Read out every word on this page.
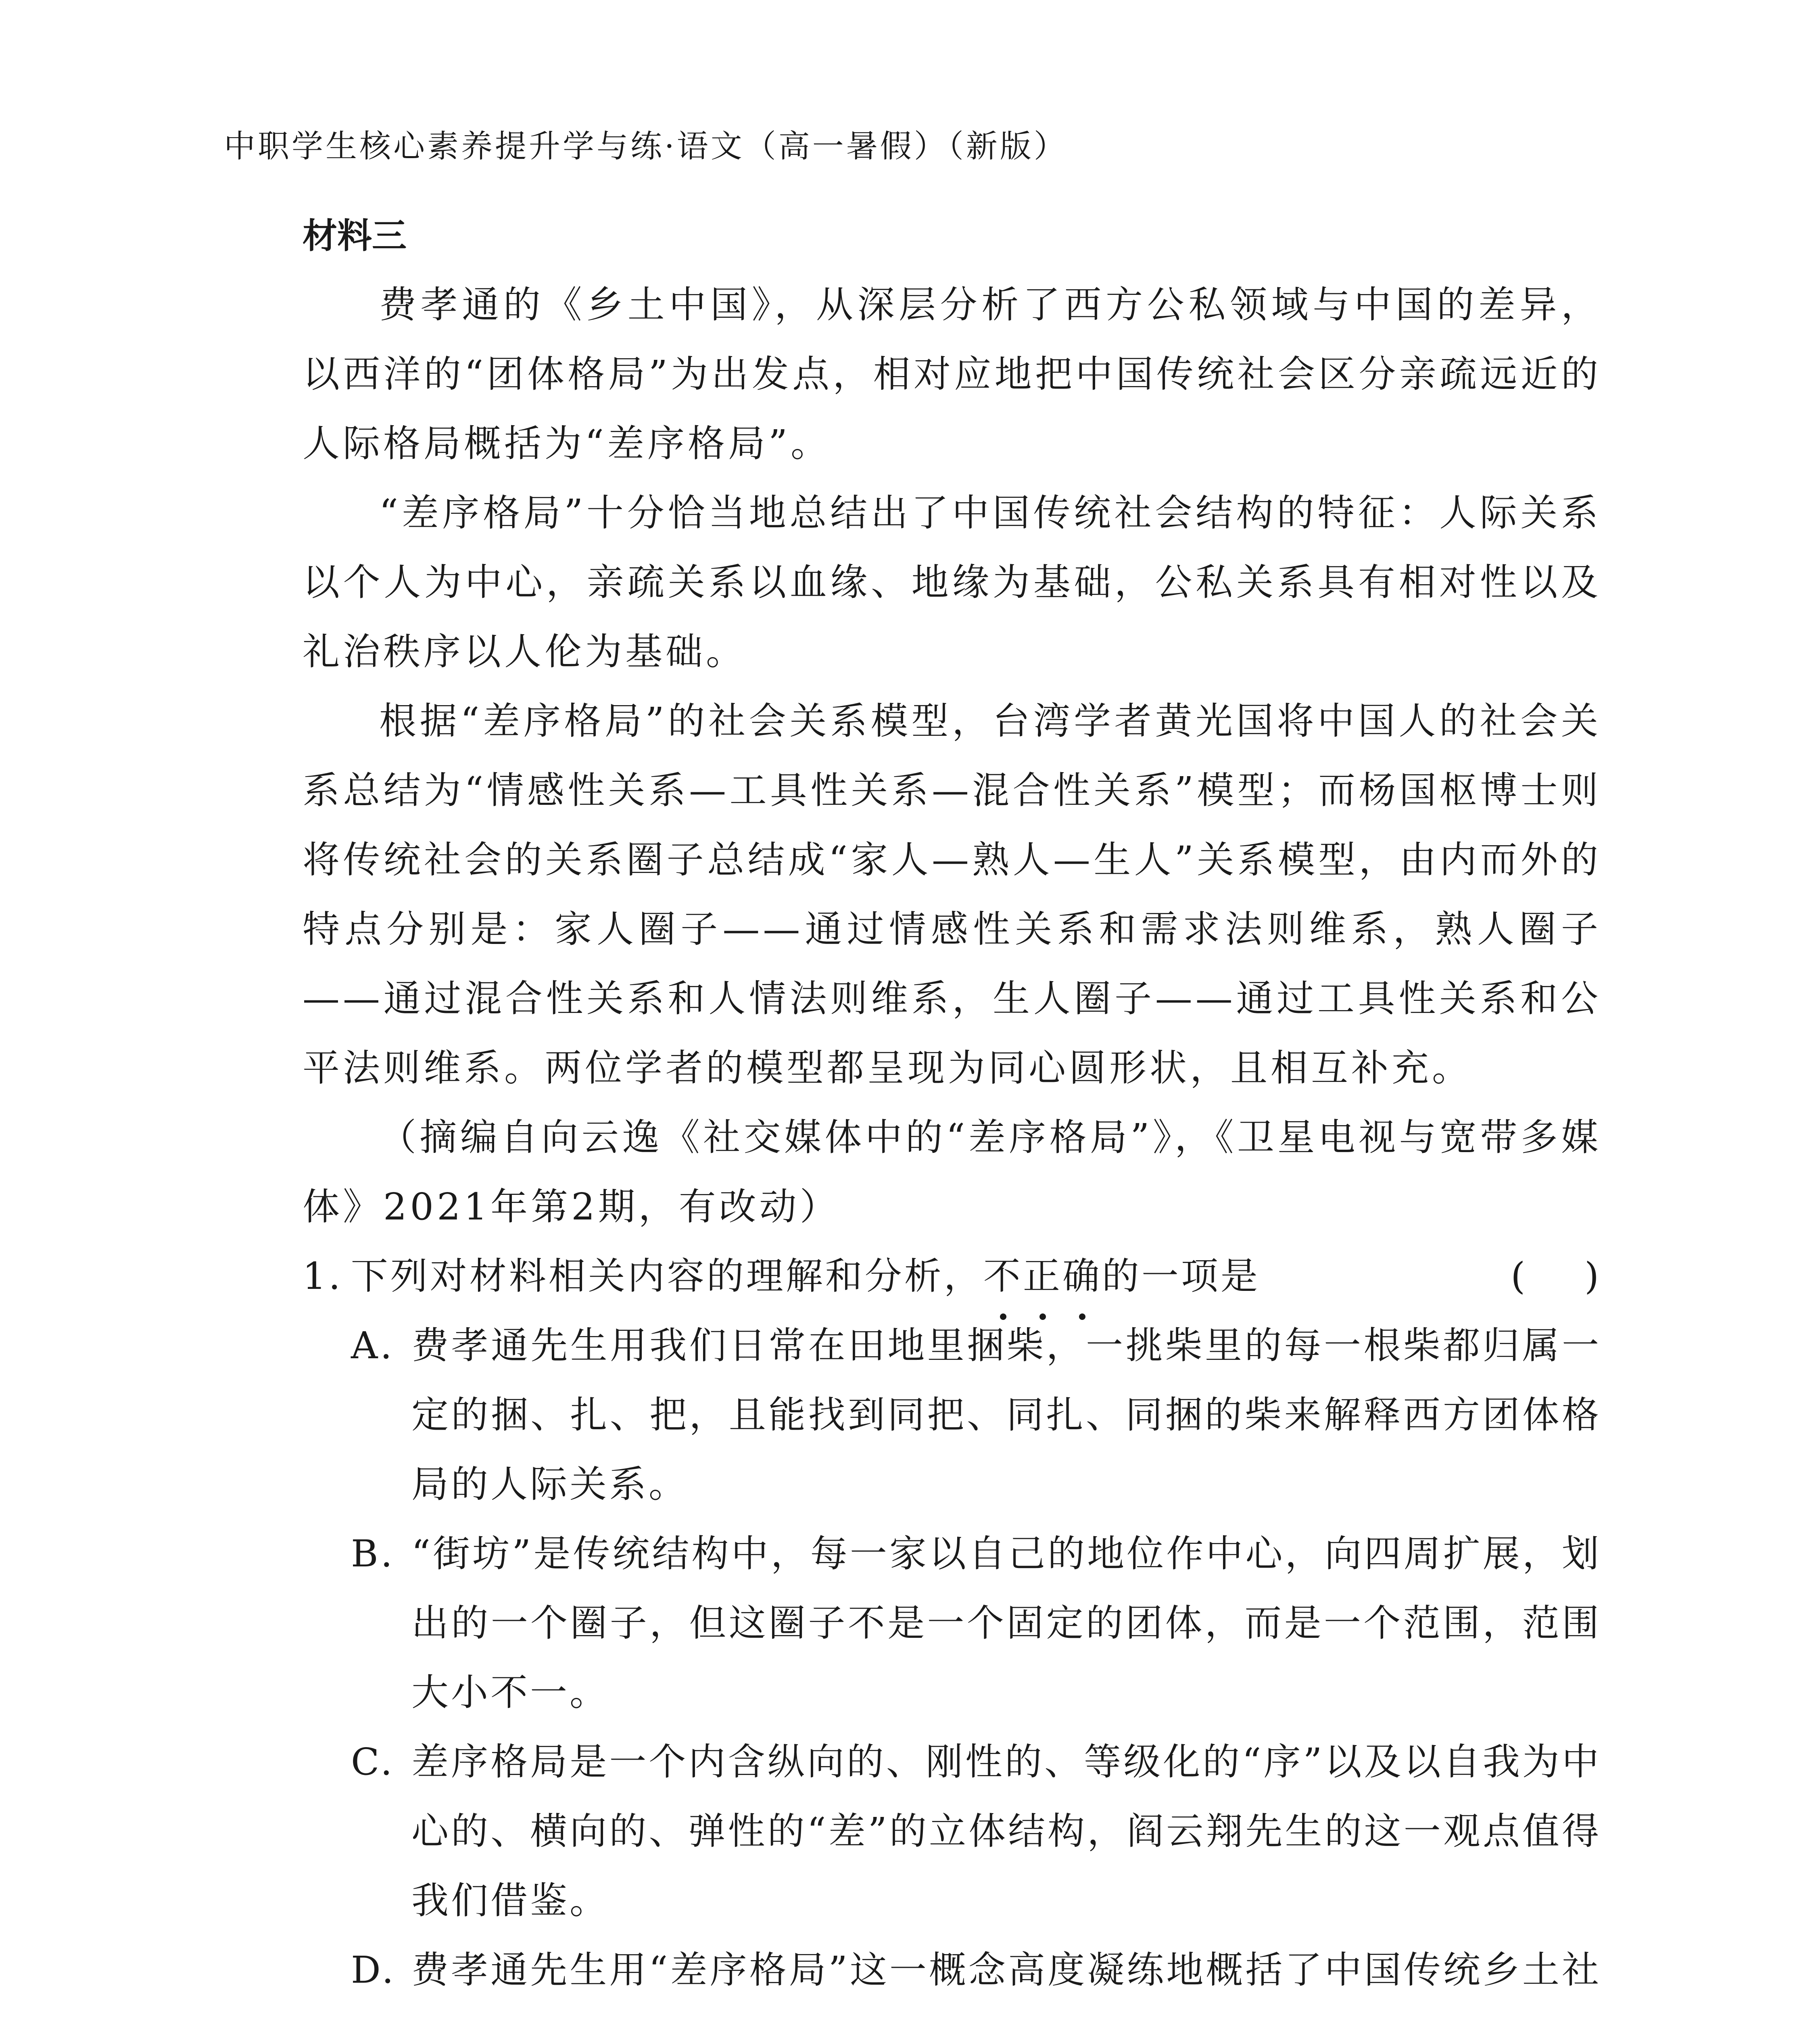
中职学生核心素养提升学与练·语文（高一暑假）（新版）

材料三

费孝通的《乡土中国》，从深层分析了西方公私领域与中国的差异，以西洋的“团体格局”为出发点，相对应地把中国传统社会区分亲疏远近的人际格局概括为“差序格局”。

“差序格局”十分恰当地总结出了中国传统社会结构的特征：人际关系以个人为中心，亲疏关系以血缘、地缘为基础，公私关系具有相对性以及礼治秩序以人伦为基础。

根据“差序格局”的社会关系模型，台湾学者黄光国将中国人的社会关系总结为“情感性关系—工具性关系—混合性关系”模型；而杨国枢博士则将传统社会的关系圈子总结成“家人—熟人—生人”关系模型，由内而外的特点分别是：家人圈子——通过情感性关系和需求法则维系，熟人圈子——通过混合性关系和人情法则维系，生人圈子——通过工具性关系和公平法则维系。两位学者的模型都呈现为同心圆形状，且相互补充。

（摘编自向云逸《社交媒体中的“差序格局”》，《卫星电视与宽带多媒体》2021年第2期，有改动）

1. 下列对材料相关内容的理解和分析，不正确的一项是	(    )

A. 费孝通先生用我们日常在田地里捆柴，一挑柴里的每一根柴都归属一定的捆、扎、把，且能找到同把、同扎、同捆的柴来解释西方团体格局的人际关系。

B. “街坊”是传统结构中，每一家以自己的地位作中心，向四周扩展，划出的一个圈子，但这圈子不是一个固定的团体，而是一个范围，范围大小不一。

C. 差序格局是一个内含纵向的、刚性的、等级化的“序”以及以自我为中心的、横向的、弹性的“差”的立体结构，阎云翔先生的这一观点值得我们借鉴。

D. 费孝通先生用“差序格局”这一概念高度凝练地概括了中国传统乡土社
